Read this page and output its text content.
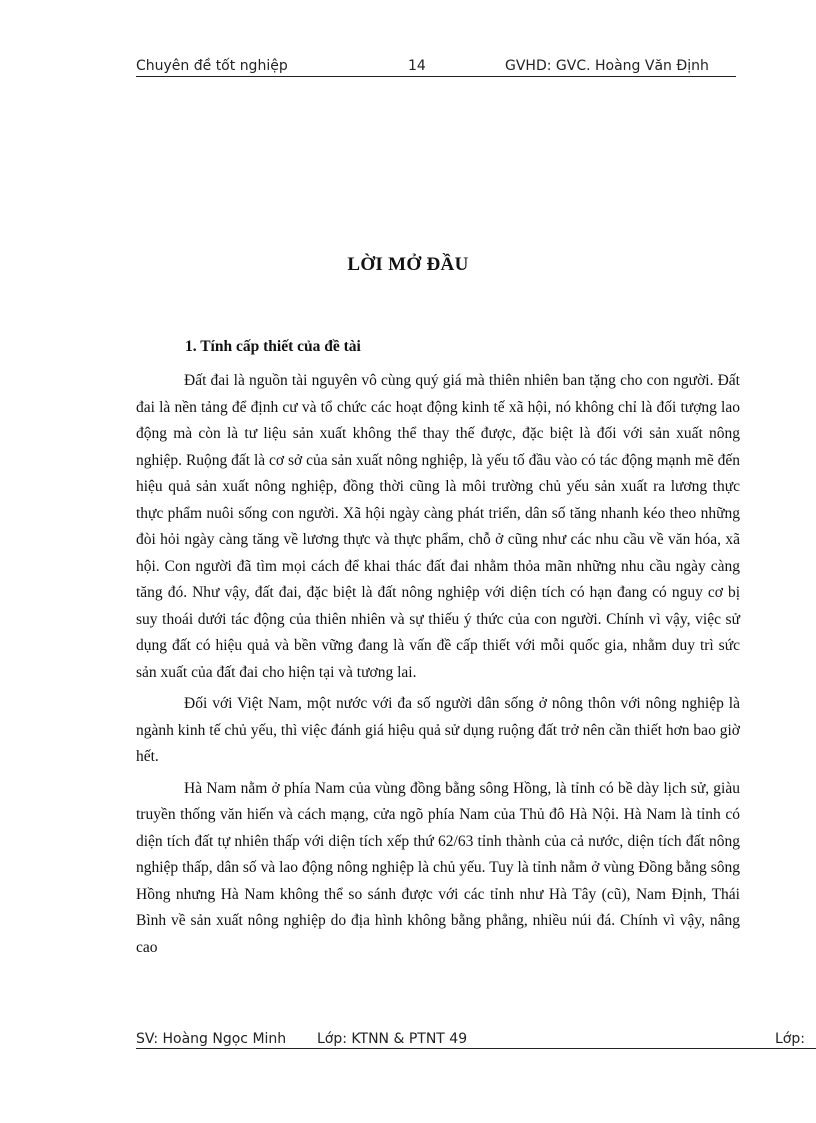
Chuyên đề tốt nghiệp	14	GVHD: GVC. Hoàng Văn Định
LỜI MỞ ĐẦU
1. Tính cấp thiết của đề tài

Đất đai là nguồn tài nguyên vô cùng quý giá mà thiên nhiên ban tặng cho con người. Đất đai là nền tảng để định cư và tổ chức các hoạt động kinh tế xã hội, nó không chỉ là đối tượng lao động mà còn là tư liệu sản xuất không thể thay thế được, đặc biệt là đối với sản xuất nông nghiệp. Ruộng đất là cơ sở của sản xuất nông nghiệp, là yếu tố đầu vào có tác động mạnh mẽ đến hiệu quả sản xuất nông nghiệp, đồng thời cũng là môi trường chủ yếu sản xuất ra lương thực thực phẩm nuôi sống con người. Xã hội ngày càng phát triển, dân số tăng nhanh kéo theo những đòi hỏi ngày càng tăng về lương thực và thực phẩm, chỗ ở cũng như các nhu cầu về văn hóa, xã hội. Con người đã tìm mọi cách để khai thác đất đai nhằm thỏa mãn những nhu cầu ngày càng tăng đó. Như vậy, đất đai, đặc biệt là đất nông nghiệp với diện tích có hạn đang có nguy cơ bị suy thoái dưới tác động của thiên nhiên và sự thiếu ý thức của con người. Chính vì vậy, việc sử dụng đất có hiệu quả và bền vững đang là vấn đề cấp thiết với mỗi quốc gia, nhằm duy trì sức sản xuất của đất đai cho hiện tại và tương lai.

Đối với Việt Nam, một nước với đa số người dân sống ở nông thôn với nông nghiệp là ngành kinh tế chủ yếu, thì việc đánh giá hiệu quả sử dụng ruộng đất trở nên cần thiết hơn bao giờ hết.

Hà Nam nằm ở phía Nam của vùng đồng bằng sông Hồng, là tỉnh có bề dày lịch sử, giàu truyền thống văn hiến và cách mạng, cửa ngõ phía Nam của Thủ đô Hà Nội. Hà Nam là tỉnh có diện tích đất tự nhiên thấp với diện tích xếp thứ 62/63 tỉnh thành của cả nước, diện tích đất nông nghiệp thấp, dân số và lao động nông nghiệp là chủ yếu. Tuy là tỉnh nằm ở vùng Đồng bằng sông Hồng nhưng Hà Nam không thể so sánh được với các tỉnh như Hà Tây (cũ), Nam Định, Thái Bình về sản xuất nông nghiệp do địa hình không bằng phẳng, nhiều núi đá. Chính vì vậy, nâng cao

SV: Hoàng Ngọc Minh Lớp: KTNN & PTNT 49	Lớp:
